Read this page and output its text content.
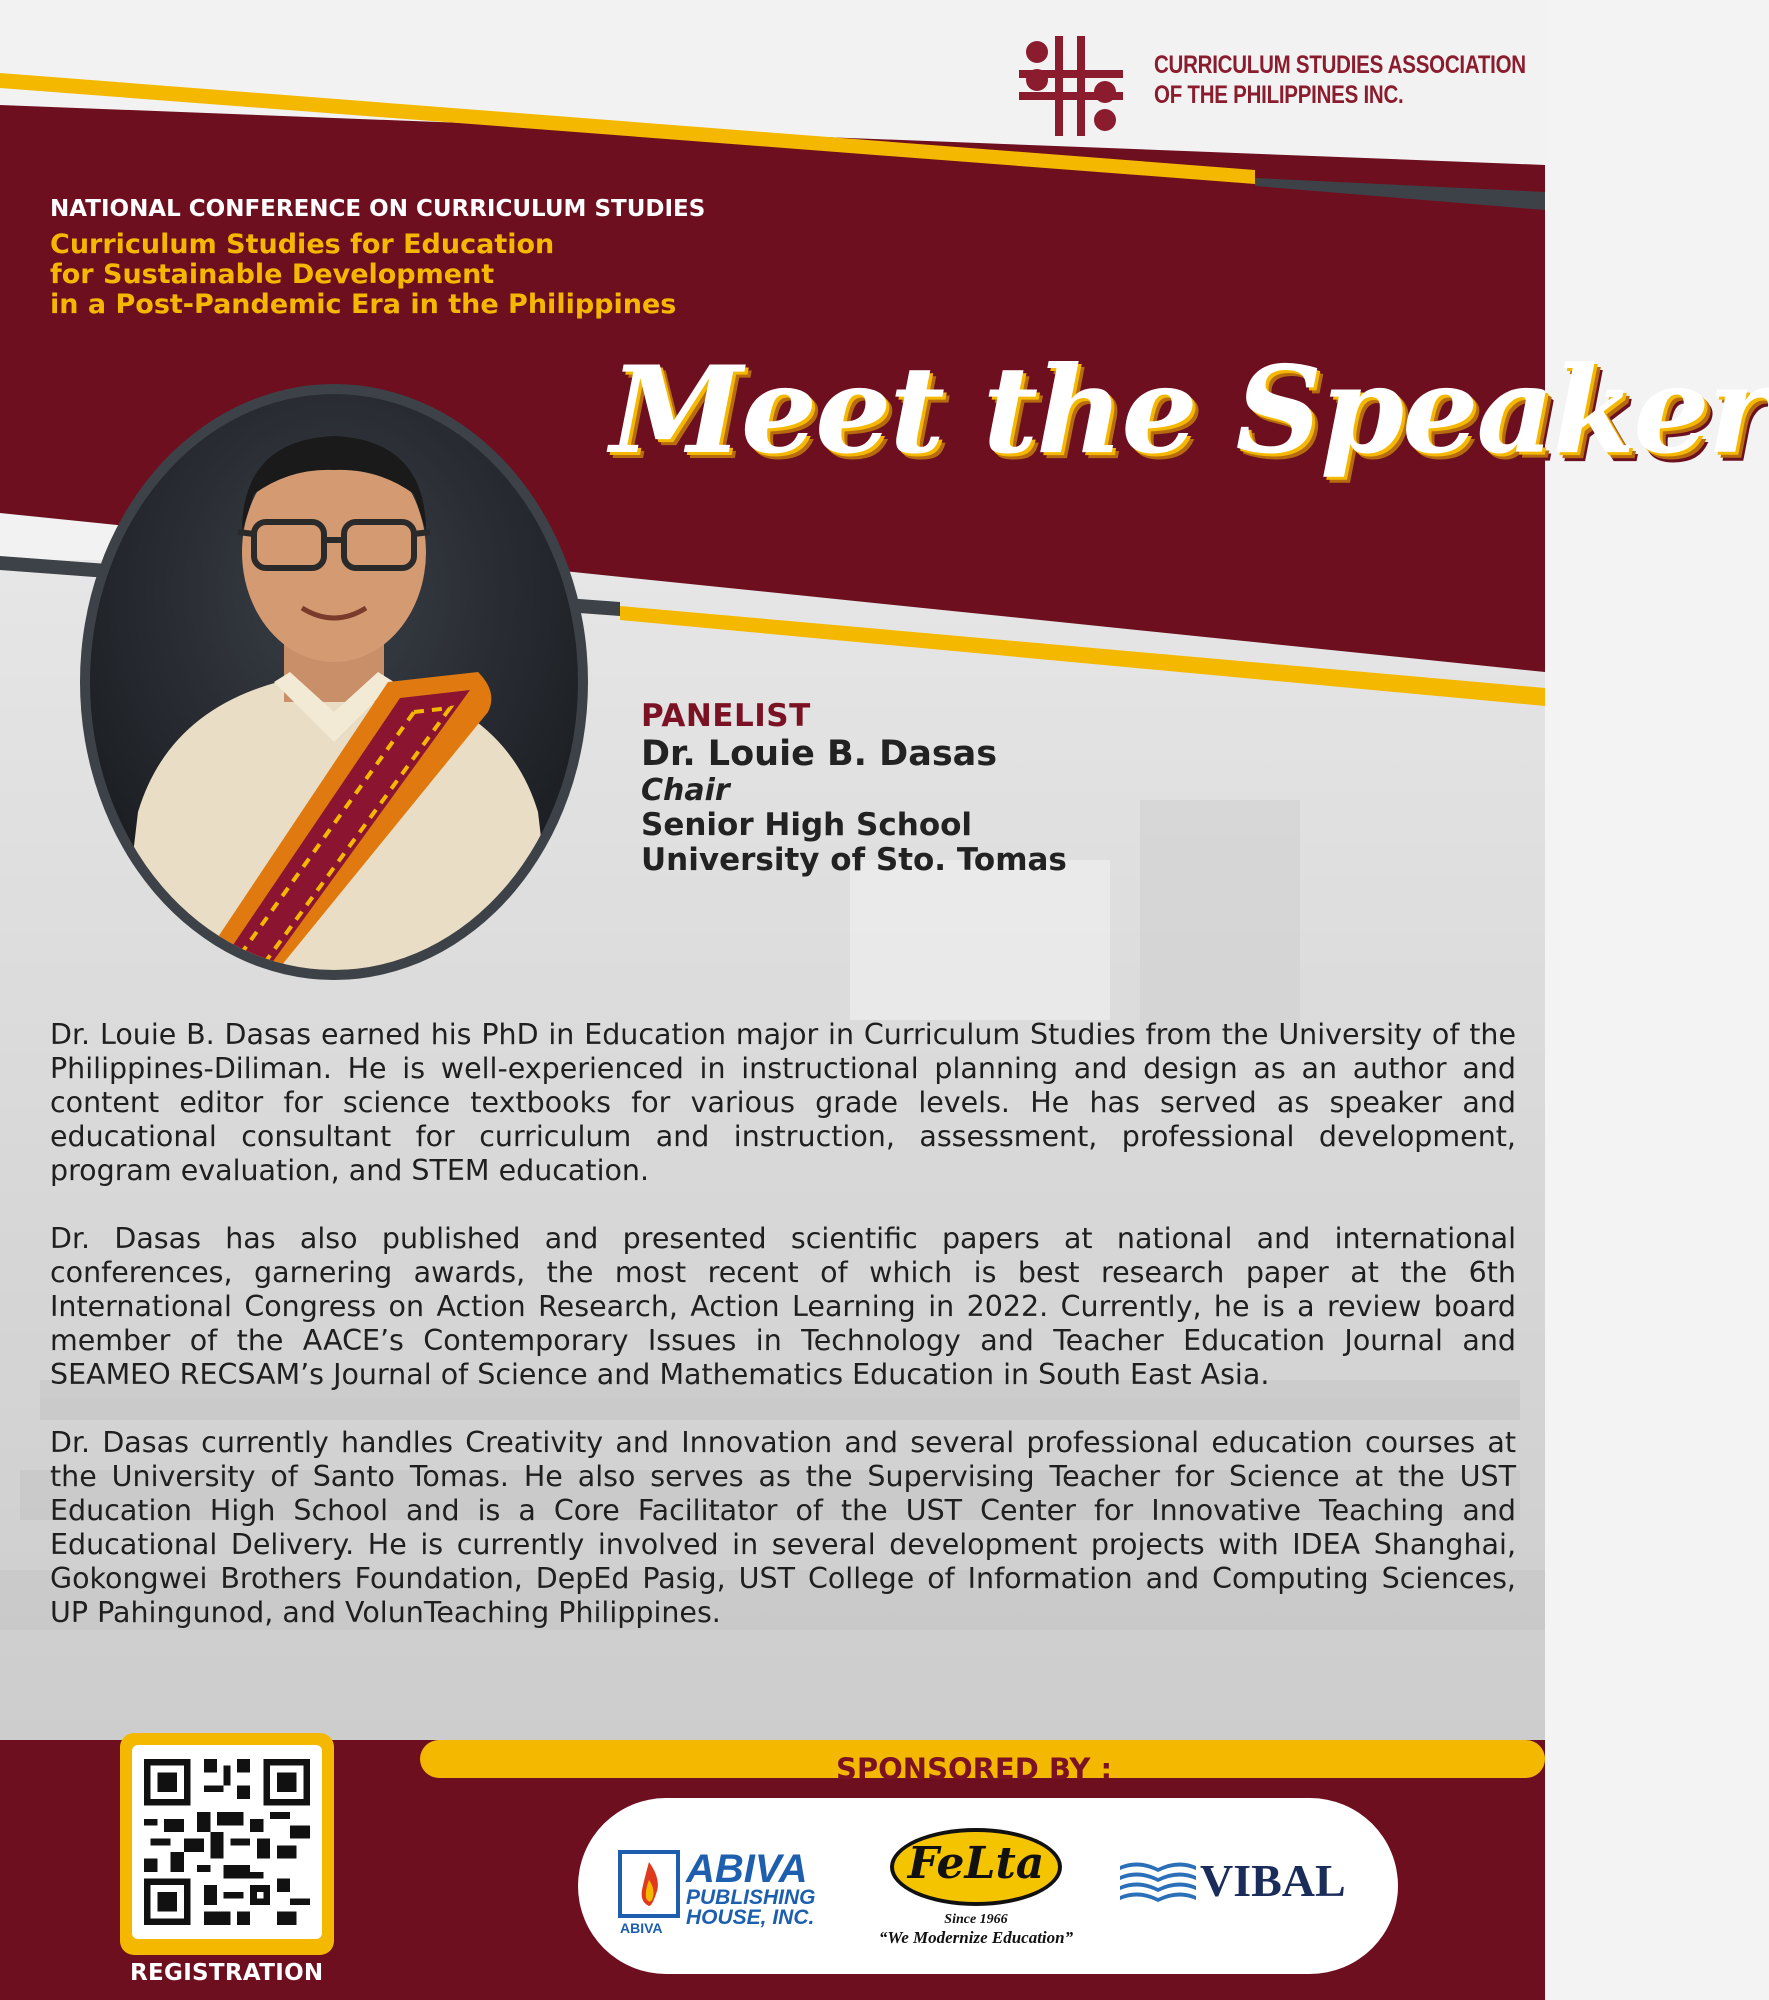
CURRICULUM STUDIES ASSOCIATION
OF THE PHILIPPINES INC.
NATIONAL CONFERENCE ON CURRICULUM STUDIES
Curriculum Studies for Education
for Sustainable Development
in a Post-Pandemic Era in the Philippines
Meet the Speaker
PANELIST
Dr. Louie B. Dasas
Chair
Senior High School
University of Sto. Tomas

Dr. Louie B. Dasas earned his PhD in Education major in Curriculum Studies from the University of the Philippines-Diliman. He is well-experienced in instructional planning and design as an author and content editor for science textbooks for various grade levels. He has served as speaker and educational consultant for curriculum and instruction, assessment, professional development, program evaluation, and STEM education.

Dr. Dasas has also published and presented scientific papers at national and international conferences, garnering awards, the most recent of which is best research paper at the 6th International Congress on Action Research, Action Learning in 2022. Currently, he is a review board member of the AACE’s Contemporary Issues in Technology and Teacher Education Journal and SEAMEO RECSAM’s Journal of Science and Mathematics Education in South East Asia.

Dr. Dasas currently handles Creativity and Innovation and several professional education courses at the University of Santo Tomas. He also serves as the Supervising Teacher for Science at the UST Education High School and is a Core Facilitator of the UST Center for Innovative Teaching and Educational Delivery. He is currently involved in several development projects with IDEA Shanghai, Gokongwei Brothers Foundation, DepEd Pasig, UST College of Information and Computing Sciences, UP Pahingunod, and VolunTeaching Philippines.

SPONSORED BY :
REGISTRATION
ABIVA
PUBLISHING
HOUSE, INC.
ABIVA
FeLta
Since 1966
“We Modernize Education”
VIBAL
